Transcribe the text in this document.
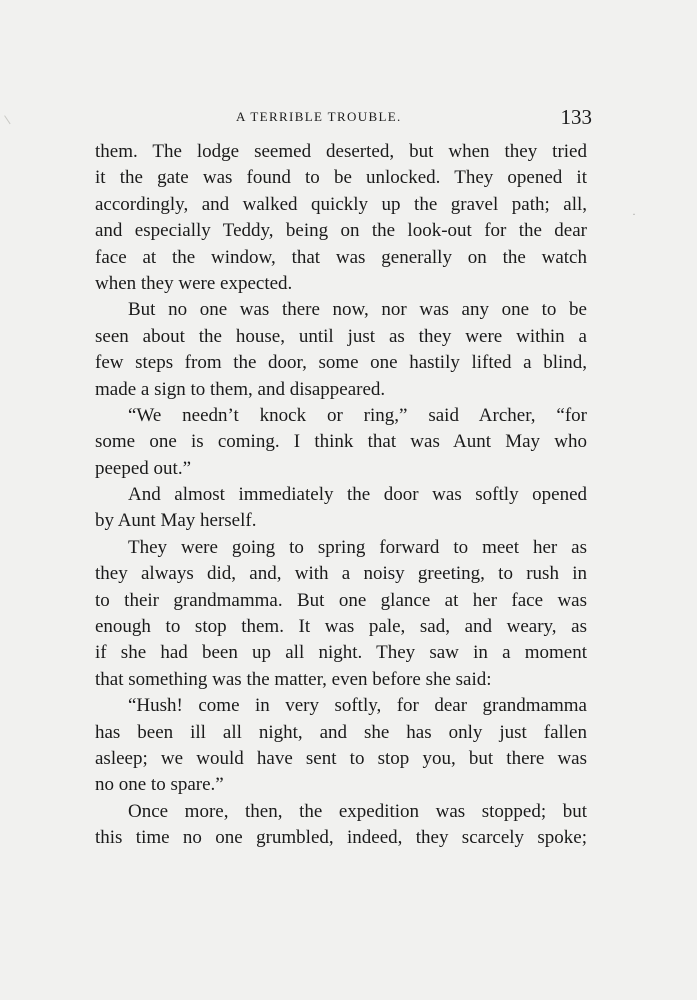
A TERRIBLE TROUBLE.	133
them. The lodge seemed deserted, but when they tried
it the gate was found to be unlocked. They opened it
accordingly, and walked quickly up the gravel path; all,
and especially Teddy, being on the look-out for the dear
face at the window, that was generally on the watch
when they were expected.
But no one was there now, nor was any one to be
seen about the house, until just as they were within a
few steps from the door, some one hastily lifted a blind,
made a sign to them, and disappeared.
“We needn’t knock or ring,” said Archer, “for
some one is coming. I think that was Aunt May who
peeped out.”
And almost immediately the door was softly opened
by Aunt May herself.
They were going to spring forward to meet her as
they always did, and, with a noisy greeting, to rush in
to their grandmamma. But one glance at her face was
enough to stop them. It was pale, sad, and weary, as
if she had been up all night. They saw in a moment
that something was the matter, even before she said:
“Hush! come in very softly, for dear grandmamma
has been ill all night, and she has only just fallen
asleep; we would have sent to stop you, but there was
no one to spare.”
Once more, then, the expedition was stopped; but
this time no one grumbled, indeed, they scarcely spoke;
·
